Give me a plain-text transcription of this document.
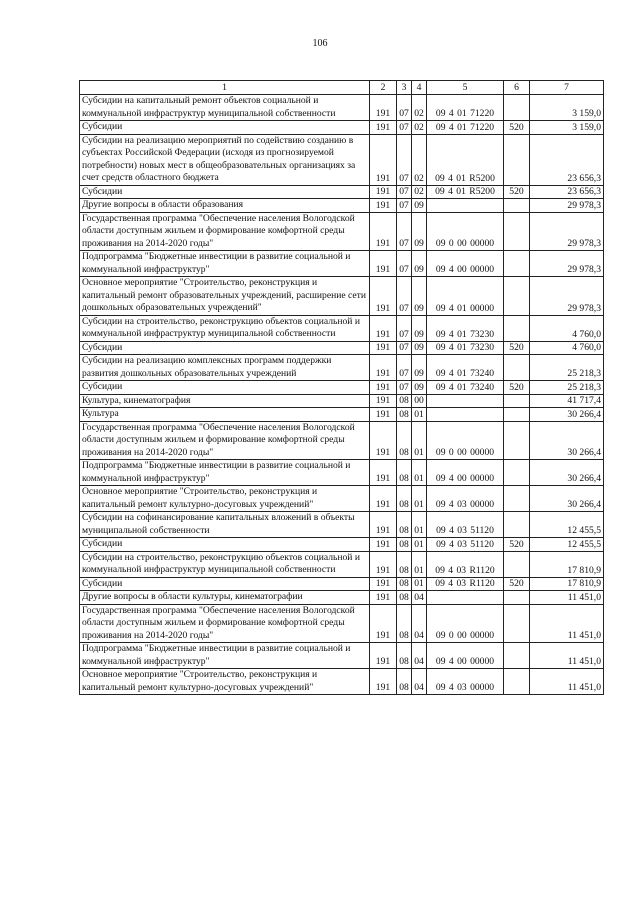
106
1	2	3	4	5	6	7
Субсидии на капитальный ремонт объектов социальной и коммунальной инфраструктур муниципальной собственности	191	07	02	09 4 01 71220		3 159,0
Субсидии	191	07	02	09 4 01 71220	520	3 159,0
Субсидии на реализацию мероприятий по содействию созданию в субъектах Российской Федерации (исходя из прогнозируемой потребности) новых мест в общеобразовательных организациях за счет средств областного бюджета	191	07	02	09 4 01 R5200		23 656,3
Субсидии	191	07	02	09 4 01 R5200	520	23 656,3
Другие вопросы в области образования	191	07	09			29 978,3
Государственная программа "Обеспечение населения Вологодской области доступным жильем и формирование комфортной среды проживания на 2014-2020 годы"	191	07	09	09 0 00 00000		29 978,3
Подпрограмма "Бюджетные инвестиции в развитие социальной и коммунальной инфраструктур"	191	07	09	09 4 00 00000		29 978,3
Основное мероприятие "Строительство, реконструкция и капитальный ремонт образовательных учреждений, расширение сети дошкольных образовательных учреждений"	191	07	09	09 4 01 00000		29 978,3
Субсидии на строительство, реконструкцию объектов социальной и коммунальной инфраструктур муниципальной собственности	191	07	09	09 4 01 73230		4 760,0
Субсидии	191	07	09	09 4 01 73230	520	4 760,0
Субсидии на реализацию комплексных программ поддержки развития дошкольных образовательных учреждений	191	07	09	09 4 01 73240		25 218,3
Субсидии	191	07	09	09 4 01 73240	520	25 218,3
Культура, кинематография	191	08	00			41 717,4
Культура	191	08	01			30 266,4
Государственная программа "Обеспечение населения Вологодской области доступным жильем и формирование комфортной среды проживания на 2014-2020 годы"	191	08	01	09 0 00 00000		30 266,4
Подпрограмма "Бюджетные инвестиции в развитие социальной и коммунальной инфраструктур"	191	08	01	09 4 00 00000		30 266,4
Основное мероприятие "Строительство, реконструкция и капитальный ремонт культурно-досуговых учреждений"	191	08	01	09 4 03 00000		30 266,4
Субсидии на софинансирование капитальных вложений в объекты муниципальной собственности	191	08	01	09 4 03 51120		12 455,5
Субсидии	191	08	01	09 4 03 51120	520	12 455,5
Субсидии на строительство, реконструкцию объектов социальной и коммунальной инфраструктур муниципальной собственности	191	08	01	09 4 03 R1120		17 810,9
Субсидии	191	08	01	09 4 03 R1120	520	17 810,9
Другие вопросы в области культуры, кинематографии	191	08	04			11 451,0
Государственная программа "Обеспечение населения Вологодской области доступным жильем и формирование комфортной среды проживания на 2014-2020 годы"	191	08	04	09 0 00 00000		11 451,0
Подпрограмма "Бюджетные инвестиции в развитие социальной и коммунальной инфраструктур"	191	08	04	09 4 00 00000		11 451,0
Основное мероприятие "Строительство, реконструкция и капитальный ремонт культурно-досуговых учреждений"	191	08	04	09 4 03 00000		11 451,0
